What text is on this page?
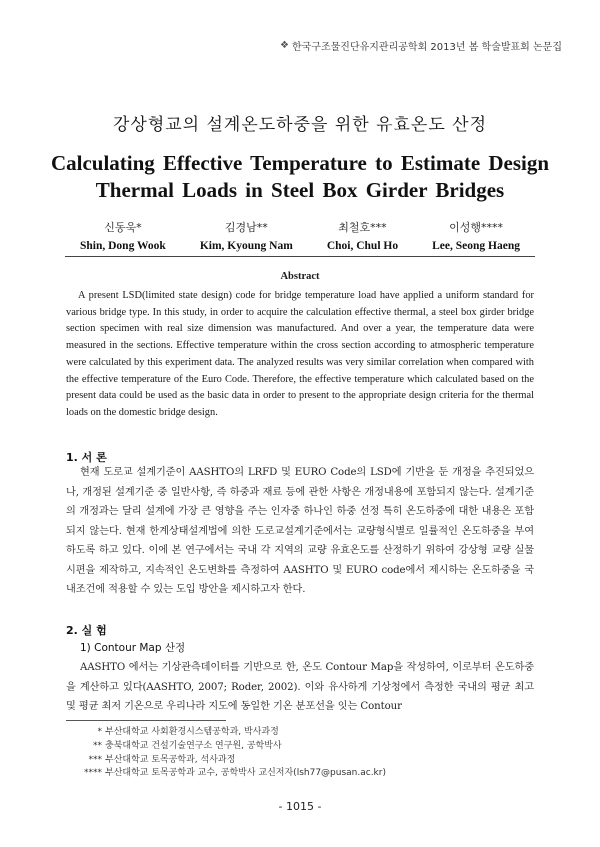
❖ 한국구조물진단유지관리공학회 2013년 봄 학술발표회 논문집
강상형교의 설계온도하중을 위한 유효온도 산정
Calculating Effective Temperature to Estimate Design
Thermal Loads in Steel Box Girder Bridges
신동욱*
Shin, Dong Wook
김경남**
Kim, Kyoung Nam
최철호***
Choi, Chul Ho
이성행****
Lee, Seong Haeng
Abstract
A present LSD(limited state design) code for bridge temperature load have applied a uniform standard for various bridge type. In this study, in order to acquire the calculation effective thermal, a steel box girder bridge section specimen with real size dimension was manufactured. And over a year, the temperature data were measured in the sections. Effective temperature within the cross section according to atmospheric temperature were calculated by this experiment data. The analyzed results was very similar correlation when compared with the effective temperature of the Euro Code. Therefore, the effective temperature which calculated based on the present data could be used as the basic data in order to present to the appropriate design criteria for the thermal loads on the domestic bridge design.
1. 서 론
현재 도로교 설계기준이 AASHTO의 LRFD 및 EURO Code의 LSD에 기반을 둔 개정을 추진되었으나, 개정된 설계기준 중 일반사항, 즉 하중과 재료 등에 관한 사항은 개정내용에 포함되지 않는다. 설계기준의 개정과는 달리 설계에 가장 큰 영향을 주는 인자중 하나인 하중 선정 특히 온도하중에 대한 내용은 포함되지 않는다. 현재 한계상태설계법에 의한 도로교설계기준에서는 교량형식별로 일률적인 온도하중을 부여하도록 하고 있다. 이에 본 연구에서는 국내 각 지역의 교량 유효온도를 산정하기 위하여 강상형 교량 실물시편을 제작하고, 지속적인 온도변화를 측정하여 AASHTO 및 EURO code에서 제시하는 온도하중을 국내조건에 적용할 수 있는 도입 방안을 제시하고자 한다.
2. 실 험
1) Contour Map 산정
AASHTO 에서는 기상관측데이터를 기반으로 한, 온도 Contour Map을 작성하여, 이로부터 온도하중을 계산하고 있다(AASHTO, 2007; Roder, 2002). 이와 유사하게 기상청에서 측정한 국내의 평균 최고 및 평균 최저 기온으로 우리나라 지도에 동일한 기온 분포선을 잇는 Contour
* 부산대학교 사회환경시스템공학과, 박사과정
** 충북대학교 건설기술연구소 연구원, 공학박사
*** 부산대학교 토목공학과, 석사과정
**** 부산대학교 토목공학과 교수, 공학박사 교신저자(lsh77@pusan.ac.kr)
- 1015 -
